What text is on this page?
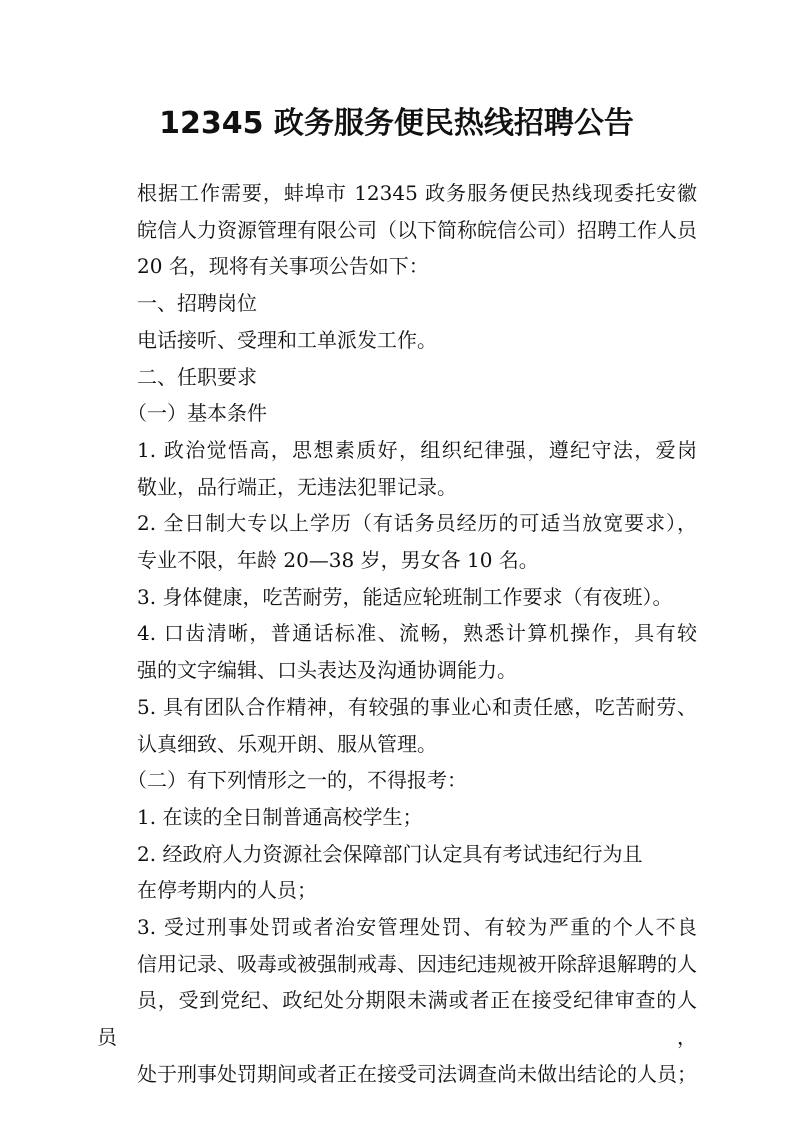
12345 政务服务便民热线招聘公告

根据工作需要，蚌埠市 12345 政务服务便民热线现委托安徽
皖信人力资源管理有限公司（以下简称皖信公司）招聘工作人员
20 名，现将有关事项公告如下：

一、招聘岗位

电话接听、受理和工单派发工作。

二、任职要求

（一）基本条件

1. 政治觉悟高，思想素质好，组织纪律强，遵纪守法，爱岗
敬业，品行端正，无违法犯罪记录。

2. 全日制大专以上学历（有话务员经历的可适当放宽要求），
专业不限，年龄 20—38 岁，男女各 10 名。

3. 身体健康，吃苦耐劳，能适应轮班制工作要求（有夜班）。

4. 口齿清晰，普通话标准、流畅，熟悉计算机操作，具有较
强的文字编辑、口头表达及沟通协调能力。

5. 具有团队合作精神，有较强的事业心和责任感，吃苦耐劳、
认真细致、乐观开朗、服从管理。

（二）有下列情形之一的，不得报考：

1. 在读的全日制普通高校学生；

2. 经政府人力资源社会保障部门认定具有考试违纪行为且
在停考期内的人员；

3. 受过刑事处罚或者治安管理处罚、有较为严重的个人不良
信用记录、吸毒或被强制戒毒、因违纪违规被开除辞退解聘的人
员，受到党纪、政纪处分期限未满或者正在接受纪律审查的人员，
处于刑事处罚期间或者正在接受司法调查尚未做出结论的人员；
